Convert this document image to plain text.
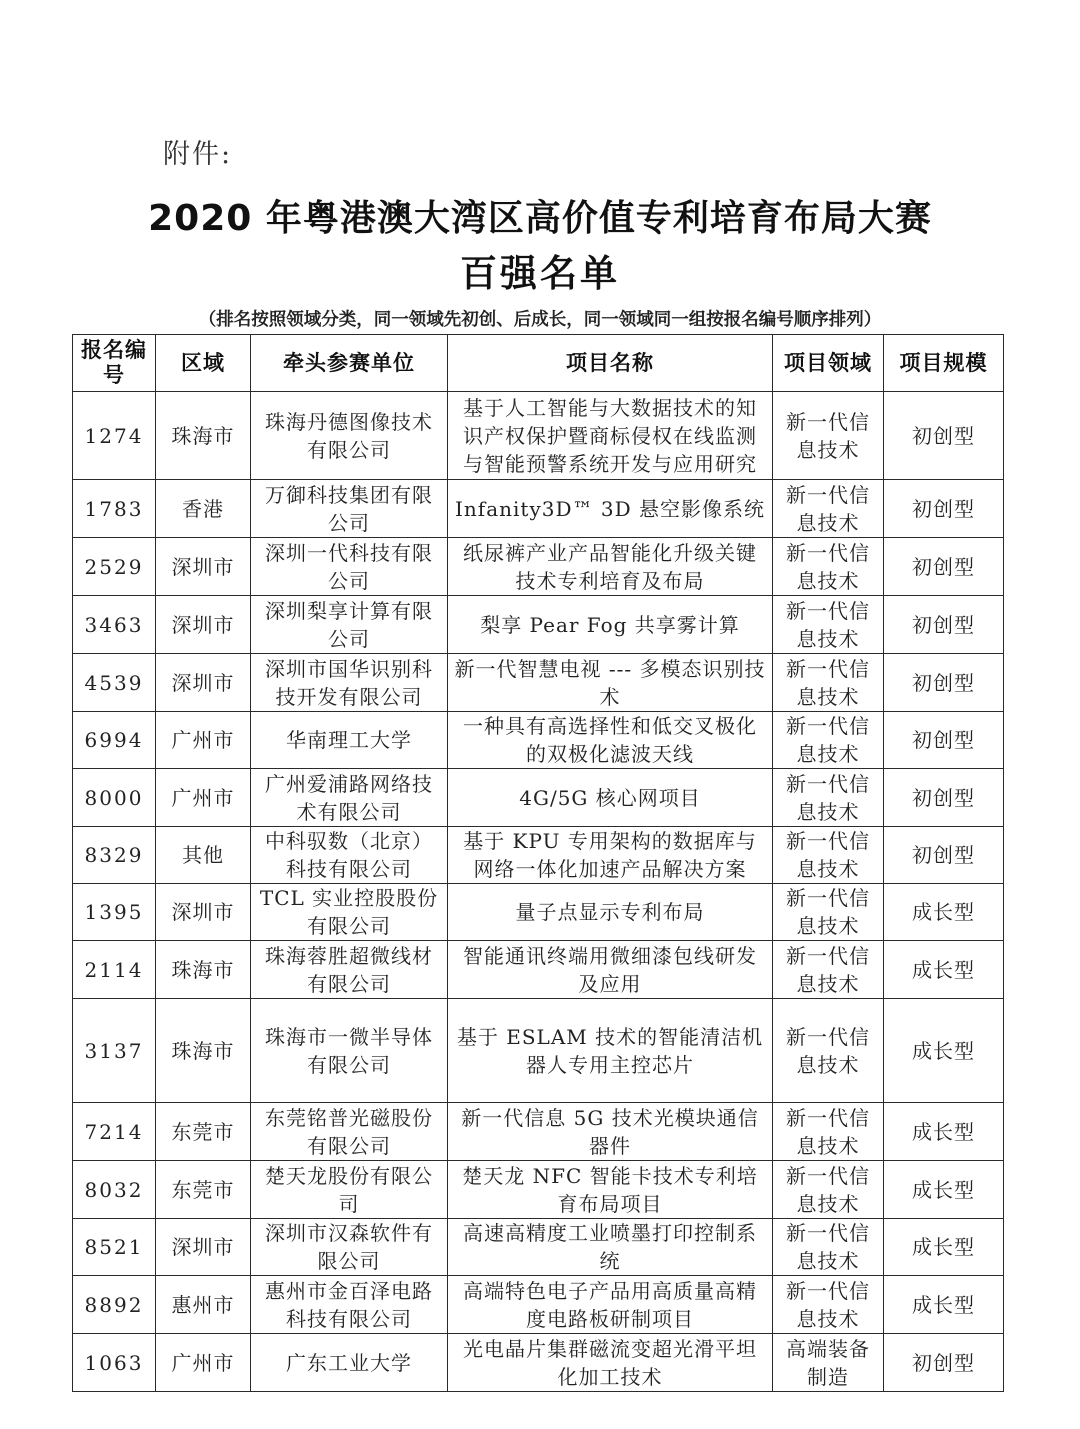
附件:
2020 年粤港澳大湾区高价值专利培育布局大赛
百强名单
（排名按照领域分类，同一领域先初创、后成长，同一领域同一组按报名编号顺序排列）
报名编号	区域	牵头参赛单位	项目名称	项目领域	项目规模
1274	珠海市	珠海丹德图像技术有限公司	基于人工智能与大数据技术的知识产权保护暨商标侵权在线监测与智能预警系统开发与应用研究	新一代信息技术	初创型
1783	香港	万御科技集团有限公司	Infanity3D™ 3D 悬空影像系统	新一代信息技术	初创型
2529	深圳市	深圳一代科技有限公司	纸尿裤产业产品智能化升级关键技术专利培育及布局	新一代信息技术	初创型
3463	深圳市	深圳梨享计算有限公司	梨享 Pear Fog 共享雾计算	新一代信息技术	初创型
4539	深圳市	深圳市国华识别科技开发有限公司	新一代智慧电视 --- 多模态识别技术	新一代信息技术	初创型
6994	广州市	华南理工大学	一种具有高选择性和低交叉极化的双极化滤波天线	新一代信息技术	初创型
8000	广州市	广州爱浦路网络技术有限公司	4G/5G 核心网项目	新一代信息技术	初创型
8329	其他	中科驭数（北京）科技有限公司	基于 KPU 专用架构的数据库与网络一体化加速产品解决方案	新一代信息技术	初创型
1395	深圳市	TCL 实业控股股份有限公司	量子点显示专利布局	新一代信息技术	成长型
2114	珠海市	珠海蓉胜超微线材有限公司	智能通讯终端用微细漆包线研发及应用	新一代信息技术	成长型
3137	珠海市	珠海市一微半导体有限公司	基于 ESLAM 技术的智能清洁机器人专用主控芯片	新一代信息技术	成长型
7214	东莞市	东莞铭普光磁股份有限公司	新一代信息 5G 技术光模块通信器件	新一代信息技术	成长型
8032	东莞市	楚天龙股份有限公司	楚天龙 NFC 智能卡技术专利培育布局项目	新一代信息技术	成长型
8521	深圳市	深圳市汉森软件有限公司	高速高精度工业喷墨打印控制系统	新一代信息技术	成长型
8892	惠州市	惠州市金百泽电路科技有限公司	高端特色电子产品用高质量高精度电路板研制项目	新一代信息技术	成长型
1063	广州市	广东工业大学	光电晶片集群磁流变超光滑平坦化加工技术	高端装备制造	初创型
